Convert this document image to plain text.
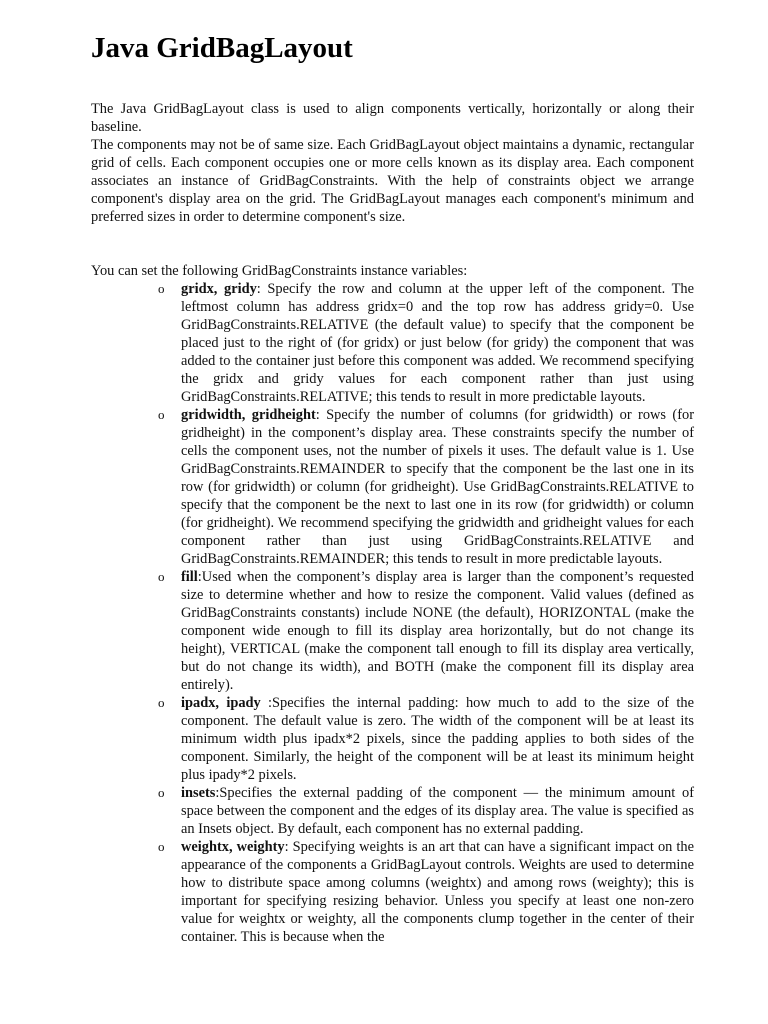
Java GridBagLayout

The Java GridBagLayout class is used to align components vertically, horizontally or along their baseline.

The components may not be of same size. Each GridBagLayout object maintains a dynamic, rectangular grid of cells. Each component occupies one or more cells known as its display area. Each component associates an instance of GridBagConstraints. With the help of constraints object we arrange component's display area on the grid. The GridBagLayout manages each component's minimum and preferred sizes in order to determine component's size.

You can set the following GridBagConstraints instance variables:
o gridx, gridy: Specify the row and column at the upper left of the component. The leftmost column has address gridx=0 and the top row has address gridy=0. Use GridBagConstraints.RELATIVE (the default value) to specify that the component be placed just to the right of (for gridx) or just below (for gridy) the component that was added to the container just before this component was added. We recommend specifying the gridx and gridy values for each component rather than just using GridBagConstraints.RELATIVE; this tends to result in more predictable layouts.
o gridwidth, gridheight: Specify the number of columns (for gridwidth) or rows (for gridheight) in the component’s display area. These constraints specify the number of cells the component uses, not the number of pixels it uses. The default value is 1. Use GridBagConstraints.REMAINDER to specify that the component be the last one in its row (for gridwidth) or column (for gridheight). Use GridBagConstraints.RELATIVE to specify that the component be the next to last one in its row (for gridwidth) or column (for gridheight). We recommend specifying the gridwidth and gridheight values for each component rather than just using GridBagConstraints.RELATIVE and GridBagConstraints.REMAINDER; this tends to result in more predictable layouts.
o fill:Used when the component’s display area is larger than the component’s requested size to determine whether and how to resize the component. Valid values (defined as GridBagConstraints constants) include NONE (the default), HORIZONTAL (make the component wide enough to fill its display area horizontally, but do not change its height), VERTICAL (make the component tall enough to fill its display area vertically, but do not change its width), and BOTH (make the component fill its display area entirely).
o ipadx, ipady :Specifies the internal padding: how much to add to the size of the component. The default value is zero. The width of the component will be at least its minimum width plus ipadx*2 pixels, since the padding applies to both sides of the component. Similarly, the height of the component will be at least its minimum height plus ipady*2 pixels.
o insets:Specifies the external padding of the component — the minimum amount of space between the component and the edges of its display area. The value is specified as an Insets object. By default, each component has no external padding.
o weightx, weighty: Specifying weights is an art that can have a significant impact on the appearance of the components a GridBagLayout controls. Weights are used to determine how to distribute space among columns (weightx) and among rows (weighty); this is important for specifying resizing behavior. Unless you specify at least one non-zero value for weightx or weighty, all the components clump together in the center of their container. This is because when the
